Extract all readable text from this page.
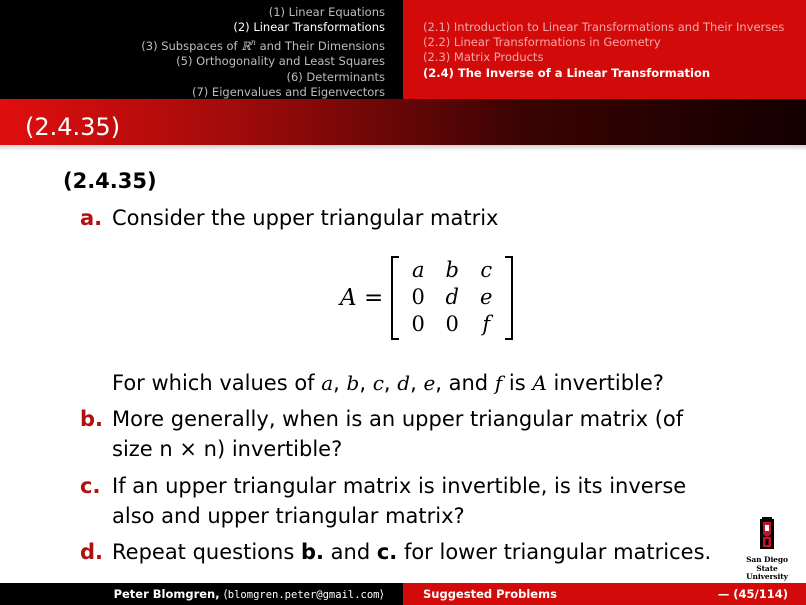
(1) Linear Equations
(2) Linear Transformations
(3) Subspaces of ℝ$^n$ and Their Dimensions
(5) Orthogonality and Least Squares
(6) Determinants
(7) Eigenvalues and Eigenvectors
(2.1) Introduction to Linear Transformations and Their Inverses
(2.2) Linear Transformations in Geometry
(2.3) Matrix Products
(2.4) The Inverse of a Linear Transformation
(2.4.35)
(2.4.35)
a. Consider the upper triangular matrix
A =
a	b	c
0 d	e
0 0	f
For which values of a, b, c, d, e, and f is A invertible?
b. More generally, when is an upper triangular matrix (of size n × n) invertible?
c. If an upper triangular matrix is invertible, is its inverse also and upper triangular matrix?
d. Repeat questions b. and c. for lower triangular matrices.	San Diego State
University
Peter Blomgren, ⟨blomgren.peter@gmail.com⟩	Suggested Problems	— (45/114)
